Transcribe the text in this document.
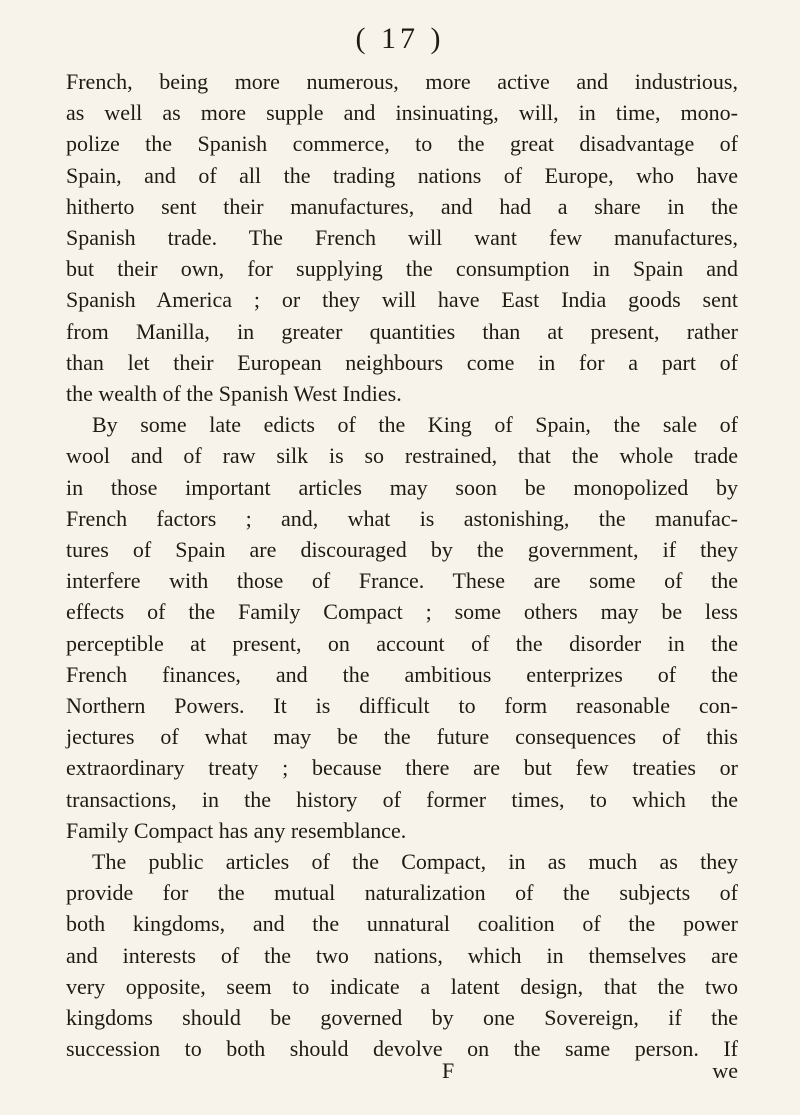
( 17 )
French, being more numerous, more active and industrious,
as well as more supple and insinuating, will, in time, mono-
polize the Spanish commerce, to the great disadvantage of
Spain, and of all the trading nations of Europe, who have
hitherto sent their manufactures, and had a share in the
Spanish trade. The French will want few manufactures,
but their own, for supplying the consumption in Spain and
Spanish America ; or they will have East India goods sent
from Manilla, in greater quantities than at present, rather
than let their European neighbours come in for a part of
the wealth of the Spanish West Indies.
By some late edicts of the King of Spain, the sale of
wool and of raw silk is so restrained, that the whole trade
in those important articles may soon be monopolized by
French factors ; and, what is astonishing, the manufac-
tures of Spain are discouraged by the government, if they
interfere with those of France. These are some of the
effects of the Family Compact ; some others may be less
perceptible at present, on account of the disorder in the
French finances, and the ambitious enterprizes of the
Northern Powers. It is difficult to form reasonable con-
jectures of what may be the future consequences of this
extraordinary treaty ; because there are but few treaties or
transactions, in the history of former times, to which the
Family Compact has any resemblance.
The public articles of the Compact, in as much as they
provide for the mutual naturalization of the subjects of
both kingdoms, and the unnatural coalition of the power
and interests of the two nations, which in themselves are
very opposite, seem to indicate a latent design, that the two
kingdoms should be governed by one Sovereign, if the
succession to both should devolve on the same person. If
F	we
